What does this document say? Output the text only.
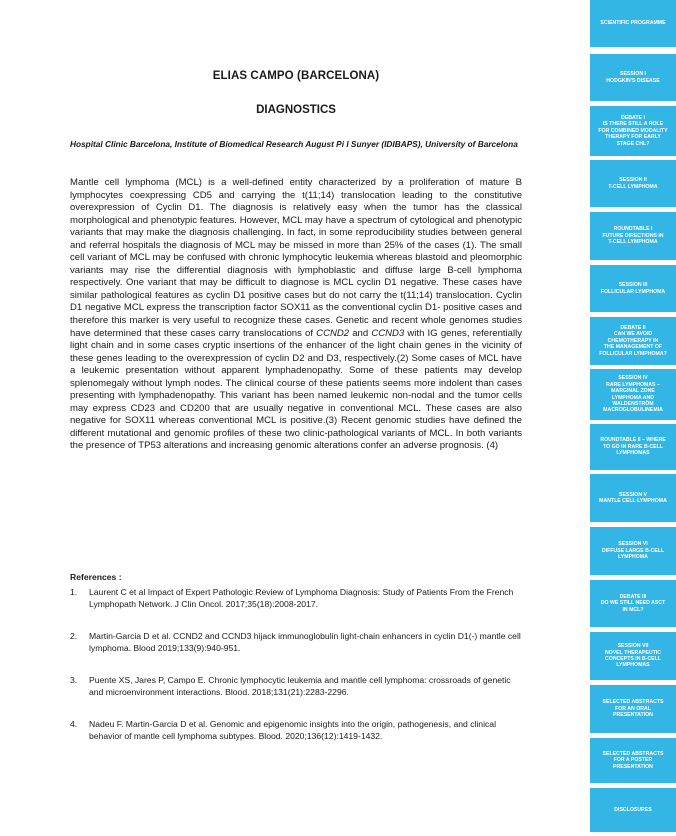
ELIAS CAMPO (BARCELONA)
DIAGNOSTICS
Hospital Clinic Barcelona, Institute of Biomedical Research August Pi I Sunyer (IDIBAPS), University of Barcelona

Mantle cell lymphoma (MCL) is a well-defined entity characterized by a proliferation of mature B lymphocytes coexpressing CD5 and carrying the t(11;14) translocation leading to the constitutive overexpression of Cyclin D1. The diagnosis is relatively easy when the tumor has the classical morphological and phenotypic features. However, MCL may have a spectrum of cytological and phenotypic variants that may make the diagnosis challenging. In fact, in some reproducibility studies between general and referral hospitals the diagnosis of MCL may be missed in more than 25% of the cases (1). The small cell variant of MCL may be confused with chronic lymphocytic leukemia whereas blastoid and pleomorphic variants may rise the differential diagnosis with lymphoblastic and diffuse large B-cell lymphoma respectively. One variant that may be difficult to diagnose is MCL cyclin D1 negative. These cases have similar pathological features as cyclin D1 positive cases but do not carry the t(11;14) translocation. Cyclin D1 negative MCL express the transcription factor SOX11 as the conventional cyclin D1- positive cases and therefore this marker is very useful to recognize these cases. Genetic and recent whole genomes studies have determined that these cases carry translocations of CCND2 and CCND3 with IG genes, referentially light chain and in some cases cryptic insertions of the enhancer of the light chain genes in the vicinity of these genes leading to the overexpression of cyclin D2 and D3, respectively.(2) Some cases of MCL have a leukemic presentation without apparent lymphadenopathy. Some of these patients may develop splenomegaly without lymph nodes. The clinical course of these patients seems more indolent than cases presenting with lymphadenopathy. This variant has been named leukemic non-nodal and the tumor cells may express CD23 and CD200 that are usually negative in conventional MCL. These cases are also negative for SOX11 whereas conventional MCL is positive.(3) Recent genomic studies have defined the different mutational and genomic profiles of these two clinic-pathological variants of MCL. In both variants the presence of TP53 alterations and increasing genomic alterations confer an adverse prognosis. (4)

References :
1. Laurent C et al Impact of Expert Pathologic Review of Lymphoma Diagnosis: Study of Patients From the French Lymphopath Network. J Clin Oncol. 2017;35(18):2008-2017.
2. Martin-Garcia D et al. CCND2 and CCND3 hijack immunoglobulin light-chain enhancers in cyclin D1(-) mantle cell lymphoma. Blood 2019;133(9):940-951.
3. Puente XS, Jares P, Campo E. Chronic lymphocytic leukemia and mantle cell lymphoma: crossroads of genetic and microenvironment interactions. Blood. 2018;131(21):2283-2296.
4. Nadeu F. Martin-Garcia D et al. Genomic and epigenomic insights into the origin, pathogenesis, and clinical behavior of mantle cell lymphoma subtypes. Blood. 2020;136(12):1419-1432.
SCIENTIFIC PROGRAMME
SESSION I
HODGKIN'S DISEASE
DEBATE I
IS THERE STILL A ROLE
FOR COMBINED MODALITY
THERAPY FOR EARLY
STAGE CHL?
SESSION II
T-CELL LYMPHOMA
ROUNDTABLE I
FUTURE DIRECTIONS IN
T-CELL LYMPHOMA
SESSION III
FOLLICULAR LYMPHOMA
DEBATE II
CAN WE AVOID
CHEMOTHERAPY IN
THE MANAGEMENT OF
FOLLICULAR LYMPHOMA?
SESSION IV
RARE LYMPHOMAS –
MARGINAL ZONE
LYMPHOMA AND
WALDENSTRÖM
MACROGLOBULINEMIA
ROUNDTABLE II – WHERE
TO GO IN RARE B-CELL
LYMPHOMAS
SESSION V
MANTLE CELL LYMPHOMA
SESSION VI
DIFFUSE LARGE B-CELL
LYMPHOMA
DEBATE III
DO WE STILL NEED ASCT
IN MCL?
SESSION VII
NOVEL THERAPEUTIC
CONCEPTS IN B-CELL
LYMPHOMAS
SELECTED ABSTRACTS
FOR AN ORAL
PRESENTATION
SELECTED ABSTRACTS
FOR A POSTER
PRESENTATION
DISCLOSURES
